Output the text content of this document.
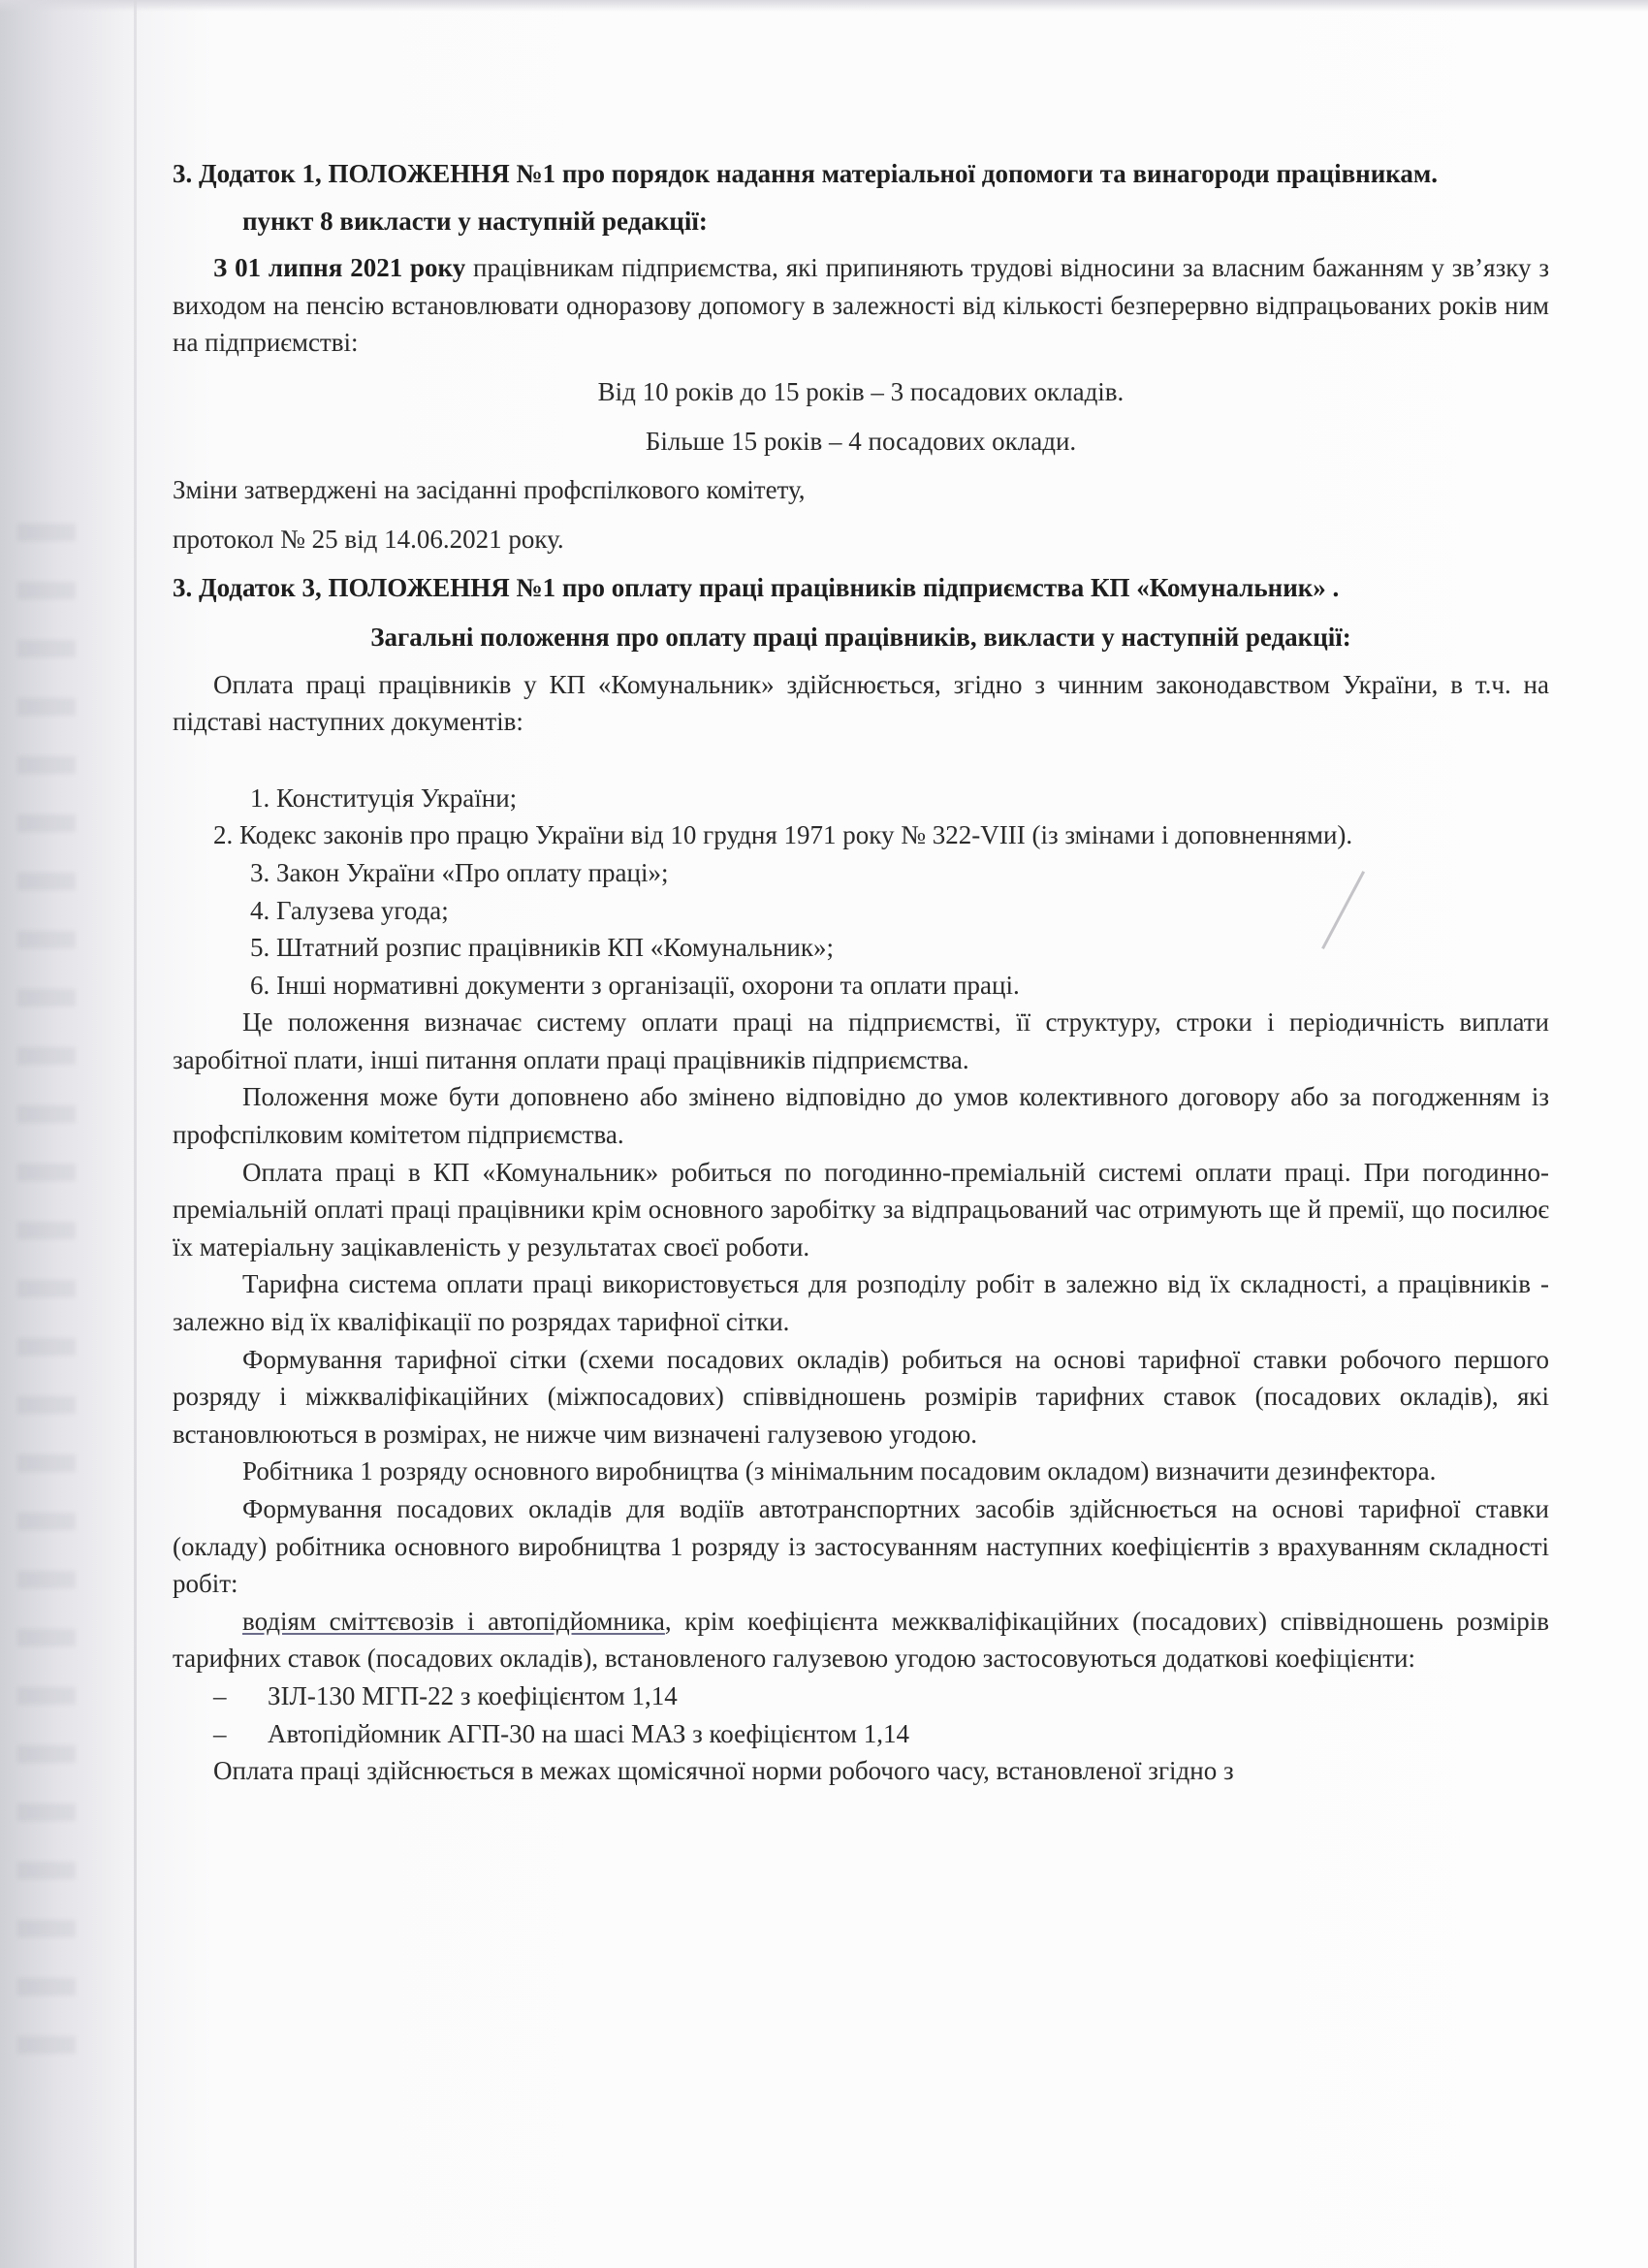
3. Додаток 1, ПОЛОЖЕННЯ №1 про порядок надання матеріальної допомоги та винагороди працівникам.

пункт 8 викласти у наступній редакції:

З 01 липня 2021 року працівникам підприємства, які припиняють трудові відносини за власним бажанням у зв’язку з виходом на пенсію встановлювати одноразову допомогу в залежності від кількості безперервно відпрацьованих років ним на підприємстві:

Від 10 років до 15 років – 3 посадових окладів.

Більше 15 років – 4 посадових оклади.

Зміни затверджені на засіданні профспілкового комітету,

протокол № 25 від 14.06.2021 року.

3. Додаток 3, ПОЛОЖЕННЯ №1 про оплату праці працівників підприємства КП «Комунальник» .

Загальні положення про оплату праці працівників, викласти у наступній редакції:

Оплата праці працівників у КП «Комунальник» здійснюється, згідно з чинним законодавством України, в т.ч. на підставі наступних документів:

1. Конституція України;

2. Кодекс законів про працю України від 10 грудня 1971 року № 322-VIII (із змінами і доповненнями).

3. Закон України «Про оплату праці»;

4. Галузева угода;

5. Штатний розпис працівників КП «Комунальник»;

6. Інші нормативні документи з організації, охорони та оплати праці.

Це положення визначає систему оплати праці на підприємстві, її структуру, строки і періодичність виплати заробітної плати, інші питання оплати праці працівників підприємства.

Положення може бути доповнено або змінено відповідно до умов колективного договору або за погодженням із профспілковим комітетом підприємства.

Оплата праці в КП «Комунальник» робиться по погодинно-преміальній системі оплати праці. При погодинно-преміальній оплаті праці працівники крім основного заробітку за відпрацьований час отримують ще й премії, що посилює їх матеріальну зацікавленість у результатах своєї роботи.

Тарифна система оплати праці використовується для розподілу робіт в залежно від їх складності, а працівників - залежно від їх кваліфікації по розрядах тарифної сітки.

Формування тарифної сітки (схеми посадових окладів) робиться на основі тарифної ставки робочого першого розряду і міжкваліфікаційних (міжпосадових) співвідношень розмірів тарифних ставок (посадових окладів), які встановлюються в розмірах, не нижче чим визначені галузевою угодою.

Робітника 1 розряду основного виробництва (з мінімальним посадовим окладом) визначити дезинфектора.

Формування посадових окладів для водіїв автотранспортних засобів здійснюється на основі тарифної ставки (окладу) робітника основного виробництва 1 розряду із застосуванням наступних коефіцієнтів з врахуванням складності робіт:

водіям сміттєвозів і автопідйомника, крім коефіцієнта межкваліфікаційних (посадових) співвідношень розмірів тарифних ставок (посадових окладів), встановленого галузевою угодою застосовуються додаткові коефіцієнти:

–	ЗІЛ-130 МГП-22 з коефіцієнтом 1,14

–	Автопідйомник АГП-30 на шасі МАЗ з коефіцієнтом 1,14

Оплата праці здійснюється в межах щомісячної норми робочого часу, встановленої згідно з
